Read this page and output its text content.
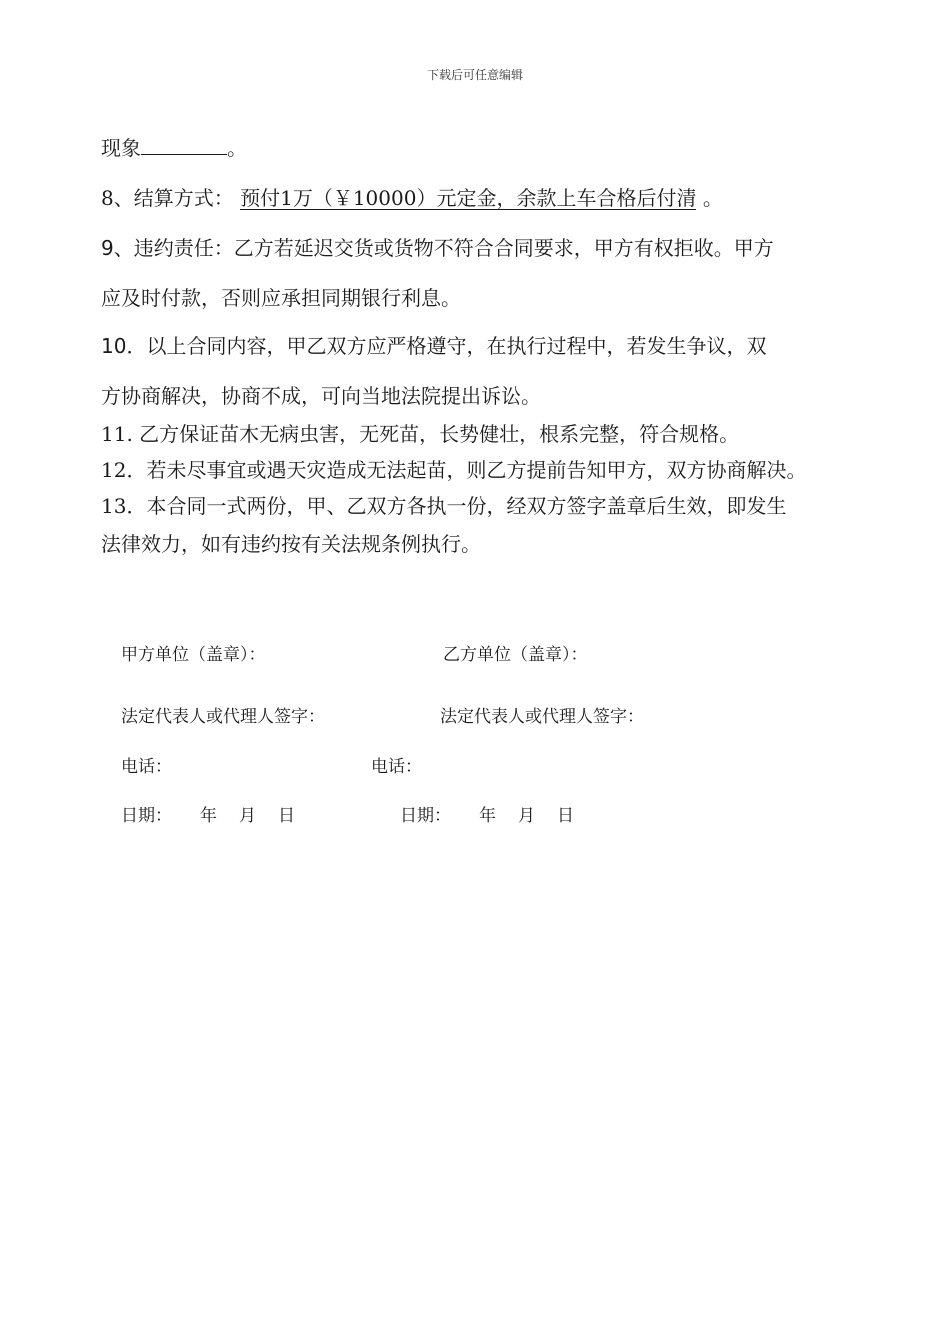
下载后可任意编辑
现象	。
8、结算方式： 预付1万（￥10000）元定金，余款上车合格后付清 。
9、违约责任：乙方若延迟交货或货物不符合合同要求，甲方有权拒收。甲方
应及时付款，否则应承担同期银行利息。
10．以上合同内容，甲乙双方应严格遵守，在执行过程中，若发生争议，双
方协商解决，协商不成，可向当地法院提出诉讼。
11. 乙方保证苗木无病虫害，无死苗，长势健壮，根系完整，符合规格。
12．若未尽事宜或遇天灾造成无法起苗，则乙方提前告知甲方，双方协商解决。
13．本合同一式两份，甲、乙双方各执一份，经双方签字盖章后生效，即发生
法律效力，如有违约按有关法规条例执行。
甲方单位（盖章）：	乙方单位（盖章）：
法定代表人或代理人签字：	法定代表人或代理人签字：
电话：	电话：
日期： 年 月 日	日期： 年 月 日
